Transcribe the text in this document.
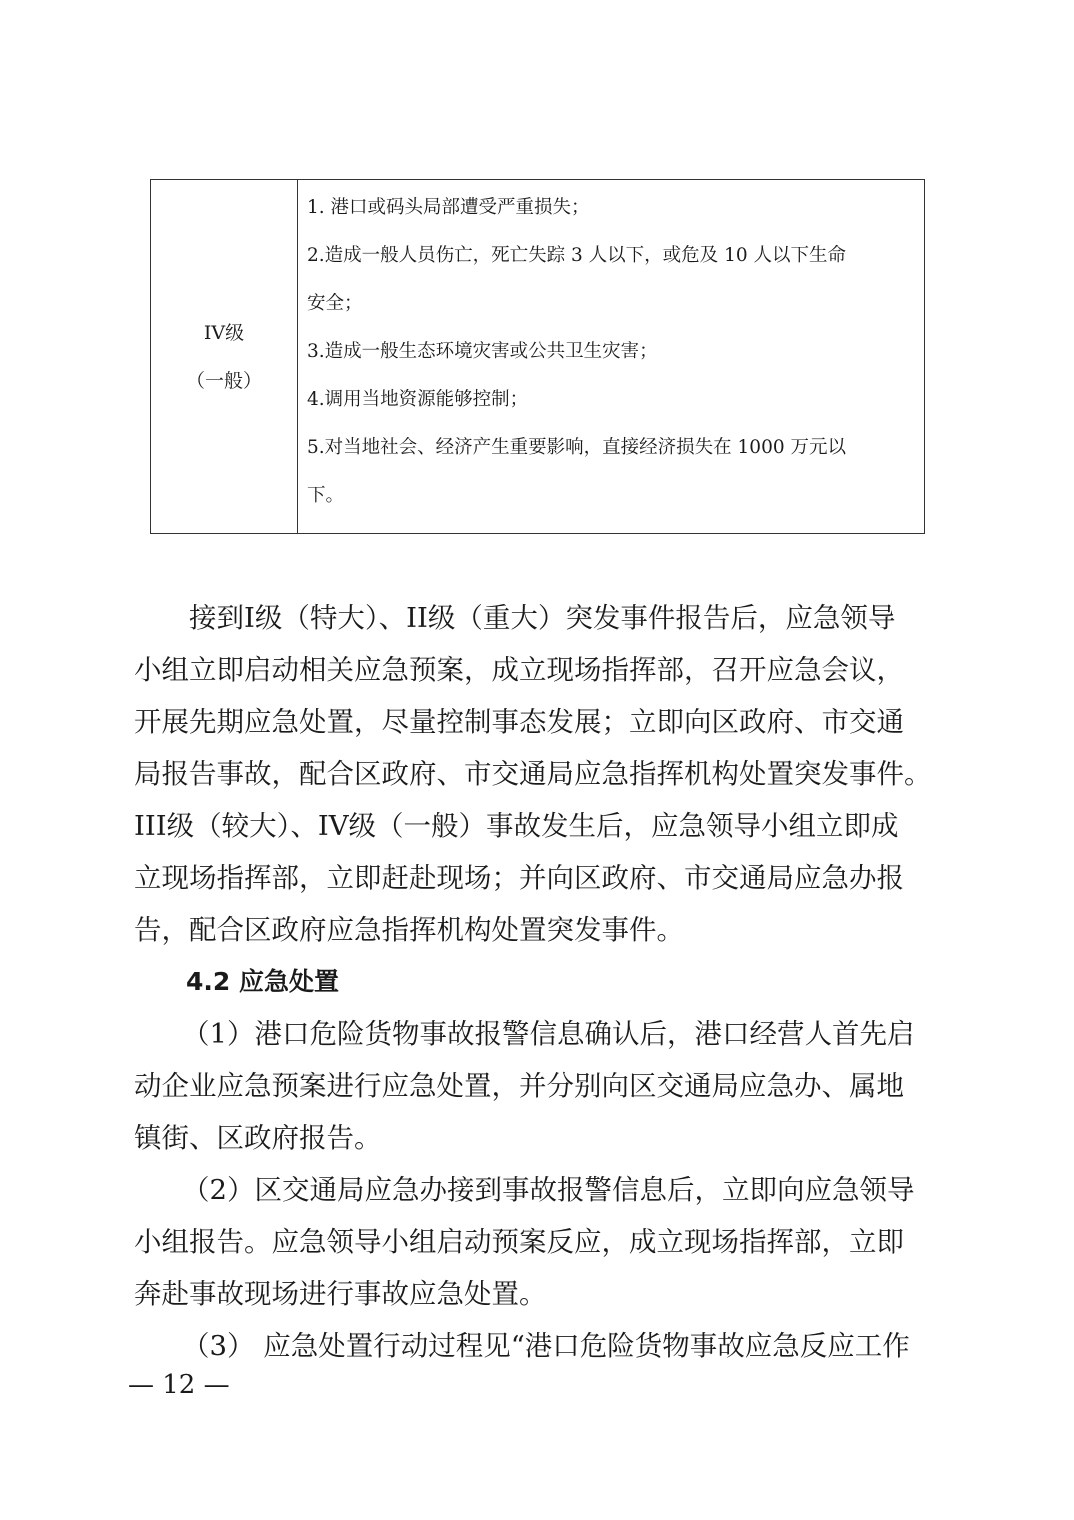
IV级
（一般）

1. 港口或码头局部遭受严重损失；
2.造成一般人员伤亡，死亡失踪 3 人以下，或危及 10 人以下生命
安全；
3.造成一般生态环境灾害或公共卫生灾害；
4.调用当地资源能够控制；
5.对当地社会、经济产生重要影响，直接经济损失在 1000 万元以
下。
接到I级（特大）、II级（重大）突发事件报告后，应急领导
小组立即启动相关应急预案，成立现场指挥部，召开应急会议，
开展先期应急处置，尽量控制事态发展；立即向区政府、市交通
局报告事故，配合区政府、市交通局应急指挥机构处置突发事件。
III级（较大）、IV级（一般）事故发生后，应急领导小组立即成
立现场指挥部，立即赶赴现场；并向区政府、市交通局应急办报
告，配合区政府应急指挥机构处置突发事件。
4.2 应急处置
（1）港口危险货物事故报警信息确认后，港口经营人首先启
动企业应急预案进行应急处置，并分别向区交通局应急办、属地
镇街、区政府报告。
（2）区交通局应急办接到事故报警信息后，立即向应急领导
小组报告。应急领导小组启动预案反应，成立现场指挥部，立即
奔赴事故现场进行事故应急处置。
（3） 应急处置行动过程见“港口危险货物事故应急反应工作
— 12 —
